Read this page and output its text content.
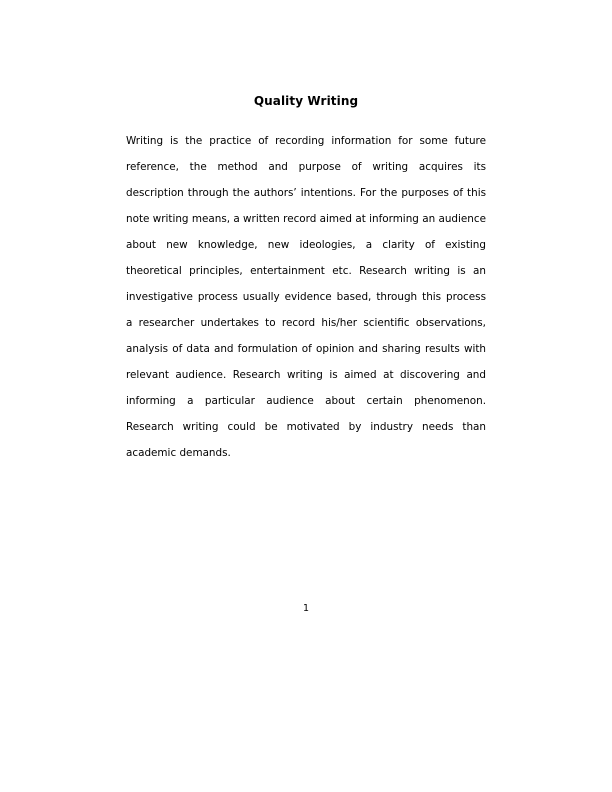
Quality Writing
Writing is the practice of recording information for some future
reference, the method and purpose of writing acquires its
description through the authors’ intentions. For the purposes of this
note writing means, a written record aimed at informing an audience
about new knowledge, new ideologies, a clarity of existing
theoretical principles, entertainment etc. Research writing is an
investigative process usually evidence based, through this process
a researcher undertakes to record his/her scientific observations,
analysis of data and formulation of opinion and sharing results with
relevant audience. Research writing is aimed at discovering and
informing a particular audience about certain phenomenon.
Research writing could be motivated by industry needs than
academic demands.
1
